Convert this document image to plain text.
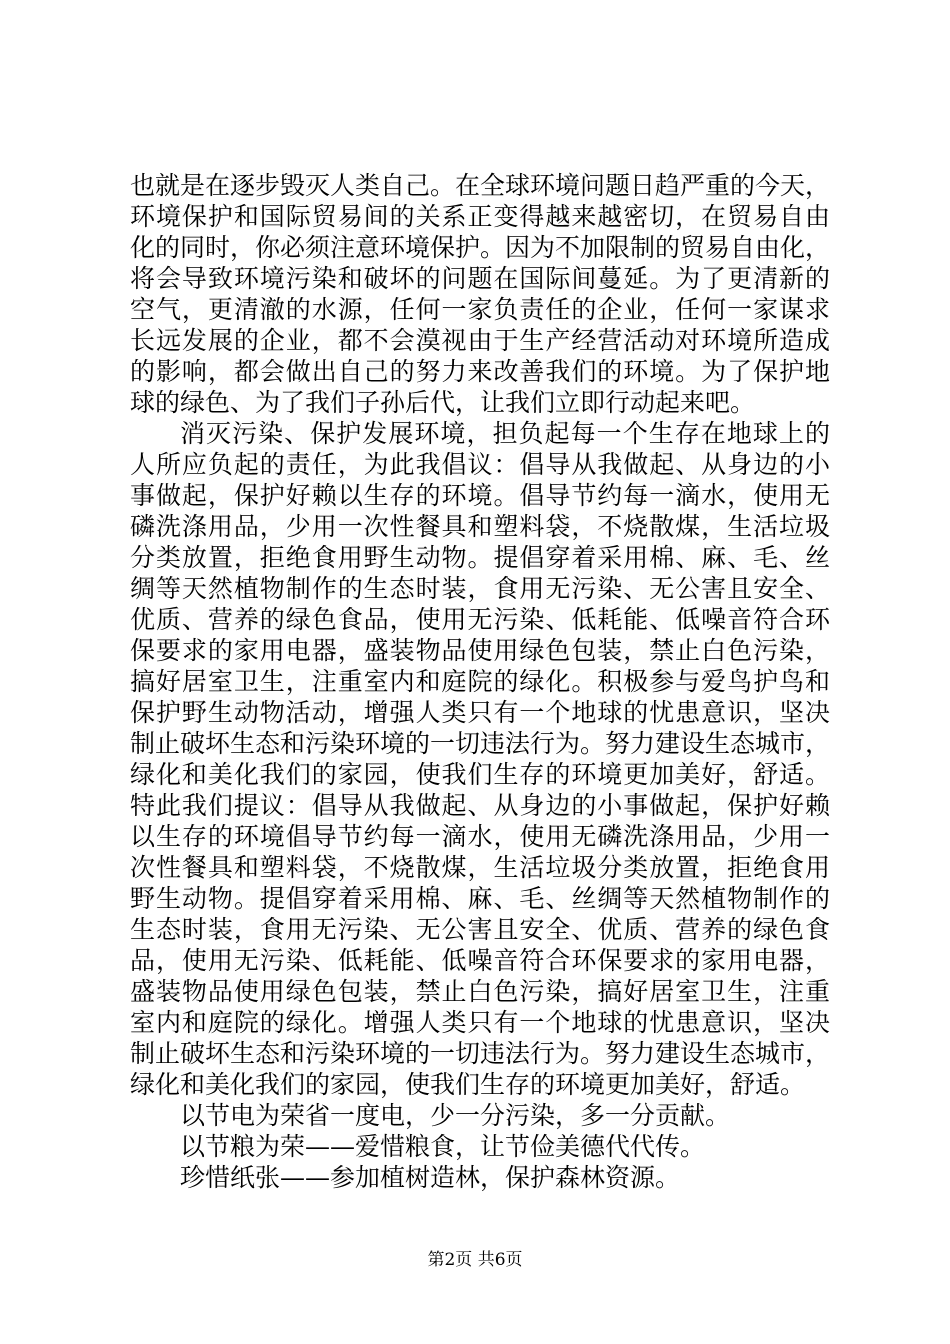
也就是在逐步毁灭人类自己。在全球环境问题日趋严重的今天，
环境保护和国际贸易间的关系正变得越来越密切，在贸易自由
化的同时，你必须注意环境保护。因为不加限制的贸易自由化，
将会导致环境污染和破坏的问题在国际间蔓延。为了更清新的
空气，更清澈的水源，任何一家负责任的企业，任何一家谋求
长远发展的企业，都不会漠视由于生产经营活动对环境所造成
的影响，都会做出自己的努力来改善我们的环境。为了保护地
球的绿色、为了我们子孙后代，让我们立即行动起来吧。
消灭污染、保护发展环境，担负起每一个生存在地球上的
人所应负起的责任，为此我倡议：倡导从我做起、从身边的小
事做起，保护好赖以生存的环境。倡导节约每一滴水，使用无
磷洗涤用品，少用一次性餐具和塑料袋，不烧散煤，生活垃圾
分类放置，拒绝食用野生动物。提倡穿着采用棉、麻、毛、丝
绸等天然植物制作的生态时装，食用无污染、无公害且安全、
优质、营养的绿色食品，使用无污染、低耗能、低噪音符合环
保要求的家用电器，盛装物品使用绿色包装，禁止白色污染，
搞好居室卫生，注重室内和庭院的绿化。积极参与爱鸟护鸟和
保护野生动物活动，增强人类只有一个地球的忧患意识，坚决
制止破坏生态和污染环境的一切违法行为。努力建设生态城市，
绿化和美化我们的家园，使我们生存的环境更加美好，舒适。
特此我们提议：倡导从我做起、从身边的小事做起，保护好赖
以生存的环境倡导节约每一滴水，使用无磷洗涤用品，少用一
次性餐具和塑料袋，不烧散煤，生活垃圾分类放置，拒绝食用
野生动物。提倡穿着采用棉、麻、毛、丝绸等天然植物制作的
生态时装，食用无污染、无公害且安全、优质、营养的绿色食
品，使用无污染、低耗能、低噪音符合环保要求的家用电器，
盛装物品使用绿色包装，禁止白色污染，搞好居室卫生，注重
室内和庭院的绿化。增强人类只有一个地球的忧患意识，坚决
制止破坏生态和污染环境的一切违法行为。努力建设生态城市，
绿化和美化我们的家园，使我们生存的环境更加美好，舒适。
以节电为荣省一度电，少一分污染，多一分贡献。
以节粮为荣——爱惜粮食，让节俭美德代代传。
珍惜纸张——参加植树造林，保护森林资源。
第2页 共6页
